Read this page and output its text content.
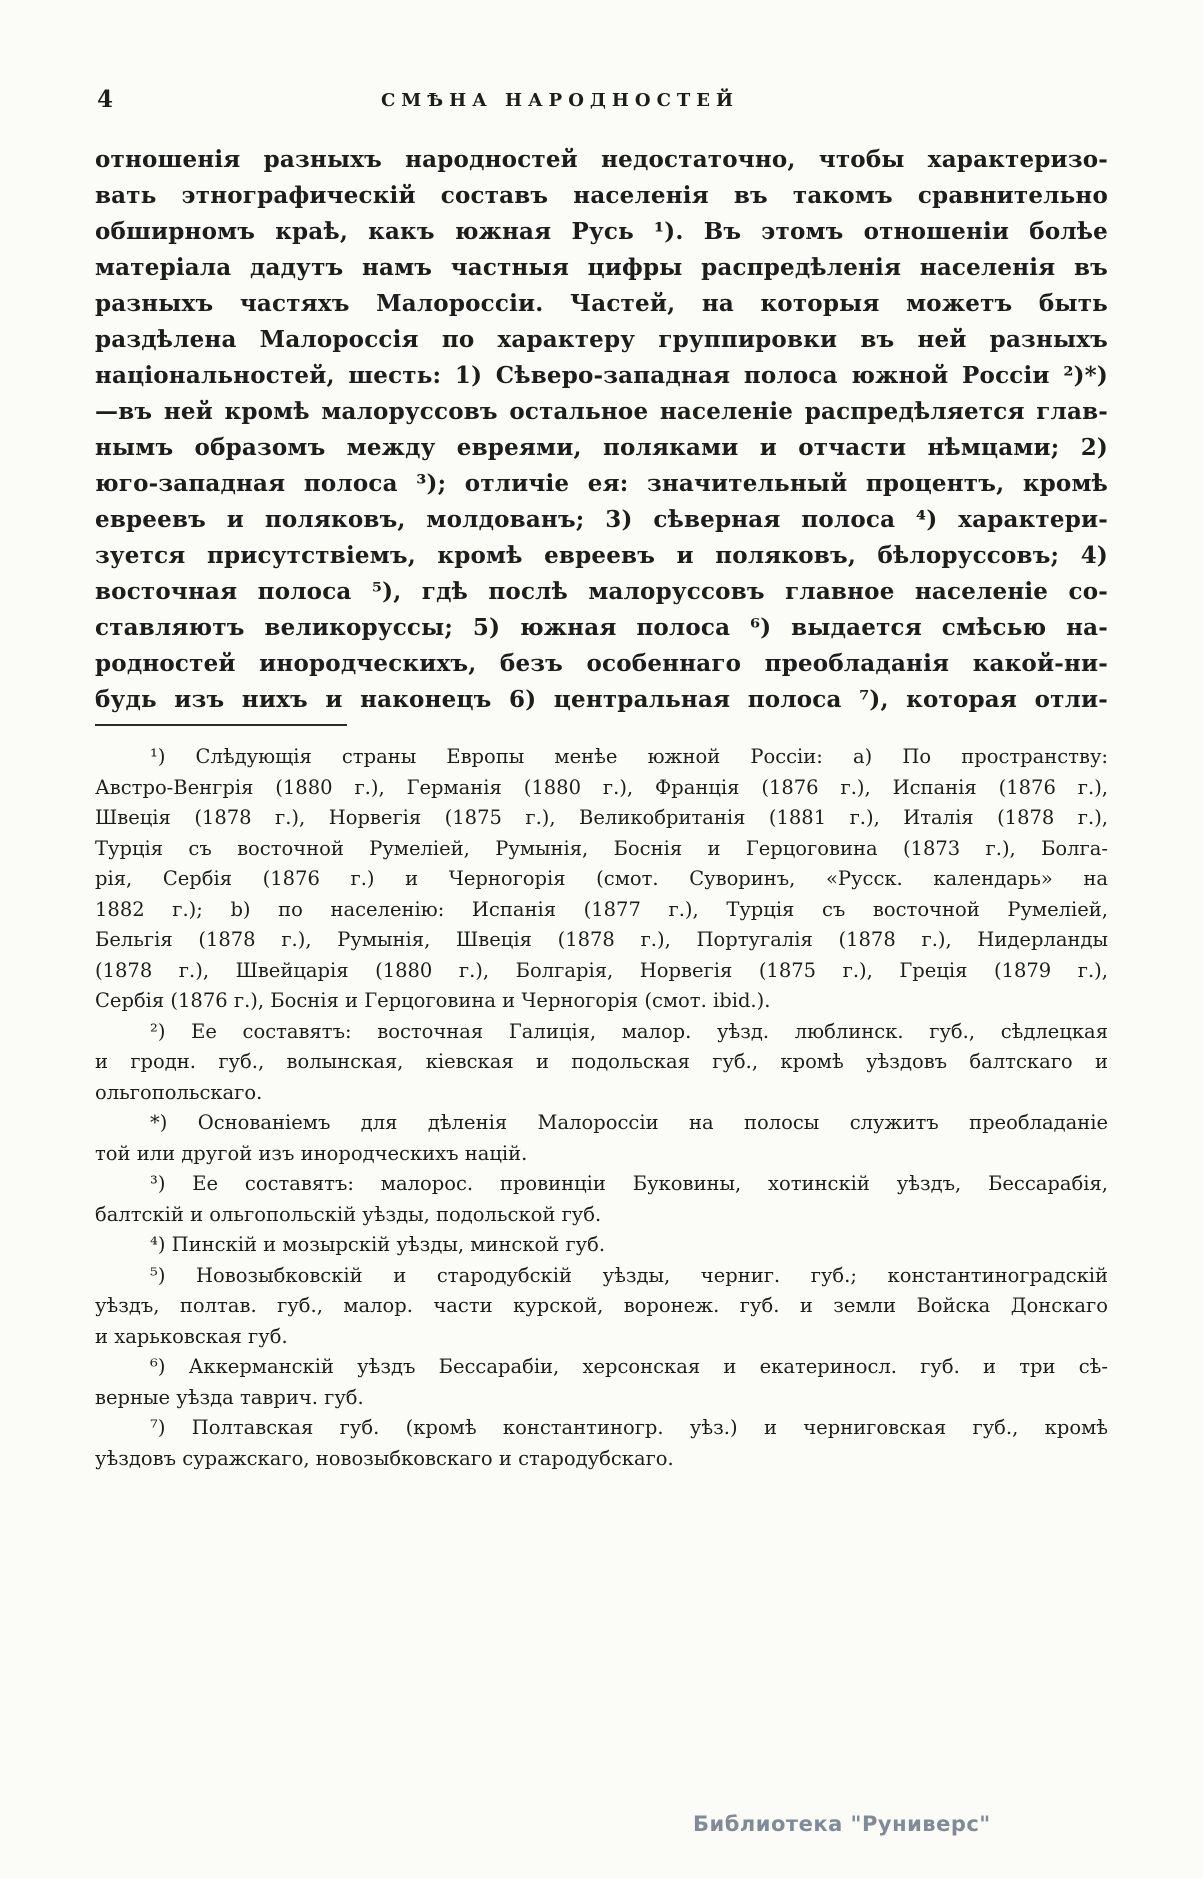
4	СМѢНА НАРОДНОСТЕЙ
отношенія разныхъ народностей недостаточно, чтобы характеризо-
вать этнографическій составъ населенія въ такомъ сравнительно
обширномъ краѣ, какъ южная Русь ¹). Въ этомъ отношеніи болѣе
матеріала дадутъ намъ частныя цифры распредѣленія населенія въ
разныхъ частяхъ Малороссіи. Частей, на которыя можетъ быть
раздѣлена Малороссія по характеру группировки въ ней разныхъ
національностей, шесть: 1) Сѣверо-западная полоса южной Россіи ²)*)
—въ ней кромѣ малоруссовъ остальное населеніе распредѣляется глав-
нымъ образомъ между евреями, поляками и отчасти нѣмцами; 2)
юго-западная полоса ³); отличіе ея: значительный процентъ, кромѣ
евреевъ и поляковъ, молдованъ; 3) сѣверная полоса ⁴) характери-
зуется присутствіемъ, кромѣ евреевъ и поляковъ, бѣлоруссовъ; 4)
восточная полоса ⁵), гдѣ послѣ малоруссовъ главное населеніе со-
ставляютъ великоруссы; 5) южная полоса ⁶) выдается смѣсью на-
родностей инородческихъ, безъ особеннаго преобладанія какой-ни-
будь изъ нихъ и наконецъ 6) центральная полоса ⁷), которая отли-
¹) Слѣдующія страны Европы менѣе южной Россіи: а) По пространству:
Австро-Венгрія (1880 г.), Германія (1880 г.), Франція (1876 г.), Испанія (1876 г.),
Швеція (1878 г.), Норвегія (1875 г.), Великобританія (1881 г.), Италія (1878 г.),
Турція съ восточной Румеліей, Румынія, Боснія и Герцоговина (1873 г.), Болга-
рія, Сербія (1876 г.) и Черногорія (смот. Суворинъ, «Русск. календарь» на
1882 г.); b) по населенію: Испанія (1877 г.), Турція съ восточной Румеліей,
Бельгія (1878 г.), Румынія, Швеція (1878 г.), Португалія (1878 г.), Нидерланды
(1878 г.), Швейцарія (1880 г.), Болгарія, Норвегія (1875 г.), Греція (1879 г.),
Сербія (1876 г.), Боснія и Герцоговина и Черногорія (смот. ibid.).
²) Ее составятъ: восточная Галиція, малор. уѣзд. люблинск. губ., сѣдлецкая
и гродн. губ., волынская, кіевская и подольская губ., кромѣ уѣздовъ балтскаго и
ольгопольскаго.
*) Основаніемъ для дѣленія Малороссіи на полосы служитъ преобладаніе
той или другой изъ инородческихъ націй.
³) Ее составятъ: малорос. провинціи Буковины, хотинскій уѣздъ, Бессарабія,
балтскій и ольгопольскій уѣзды, подольской губ.
⁴) Пинскій и мозырскій уѣзды, минской губ.
⁵) Новозыбковскій и стародубскій уѣзды, черниг. губ.; константиноградскій
уѣздъ, полтав. губ., малор. части курской, воронеж. губ. и земли Войска Донскаго
и харьковская губ.
⁶) Аккерманскій уѣздъ Бессарабіи, херсонская и екатериносл. губ. и три сѣ-
верные уѣзда таврич. губ.
⁷) Полтавская губ. (кромѣ константиногр. уѣз.) и черниговская губ., кромѣ
уѣздовъ суражскаго, новозыбковскаго и стародубскаго.
Библиотека "Руниверс"
